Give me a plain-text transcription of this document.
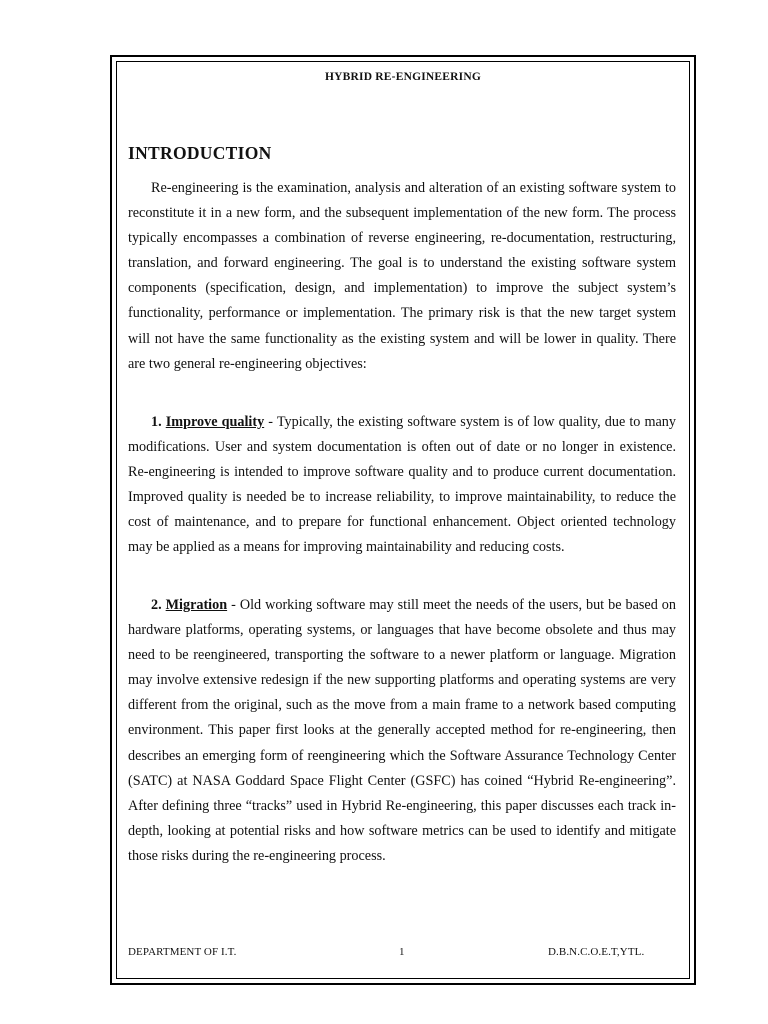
HYBRID RE-ENGINEERING
INTRODUCTION

Re-engineering is the examination, analysis and alteration of an existing software system to reconstitute it in a new form, and the subsequent implementation of the new form. The process typically encompasses a combination of reverse engineering, re-documentation, restructuring, translation, and forward engineering. The goal is to understand the existing software system components (specification, design, and implementation) to improve the subject system’s functionality, performance or implementation. The primary risk is that the new target system will not have the same functionality as the existing system and will be lower in quality. There are two general re-engineering objectives:

1. Improve quality - Typically, the existing software system is of low quality, due to many modifications. User and system documentation is often out of date or no longer in existence. Re-engineering is intended to improve software quality and to produce current documentation. Improved quality is needed be to increase reliability, to improve maintainability, to reduce the cost of maintenance, and to prepare for functional enhancement. Object oriented technology may be applied as a means for improving maintainability and reducing costs.

2. Migration - Old working software may still meet the needs of the users, but be based on hardware platforms, operating systems, or languages that have become obsolete and thus may need to be reengineered, transporting the software to a newer platform or language. Migration may involve extensive redesign if the new supporting platforms and operating systems are very different from the original, such as the move from a main frame to a network based computing environment. This paper first looks at the generally accepted method for re-engineering, then describes an emerging form of reengineering which the Software Assurance Technology Center (SATC) at NASA Goddard Space Flight Center (GSFC) has coined “Hybrid Re-engineering”. After defining three “tracks” used in Hybrid Re-engineering, this paper discusses each track in-depth, looking at potential risks and how software metrics can be used to identify and mitigate those risks during the re-engineering process.

DEPARTMENT OF I.T.	1	D.B.N.C.O.E.T,YTL.
